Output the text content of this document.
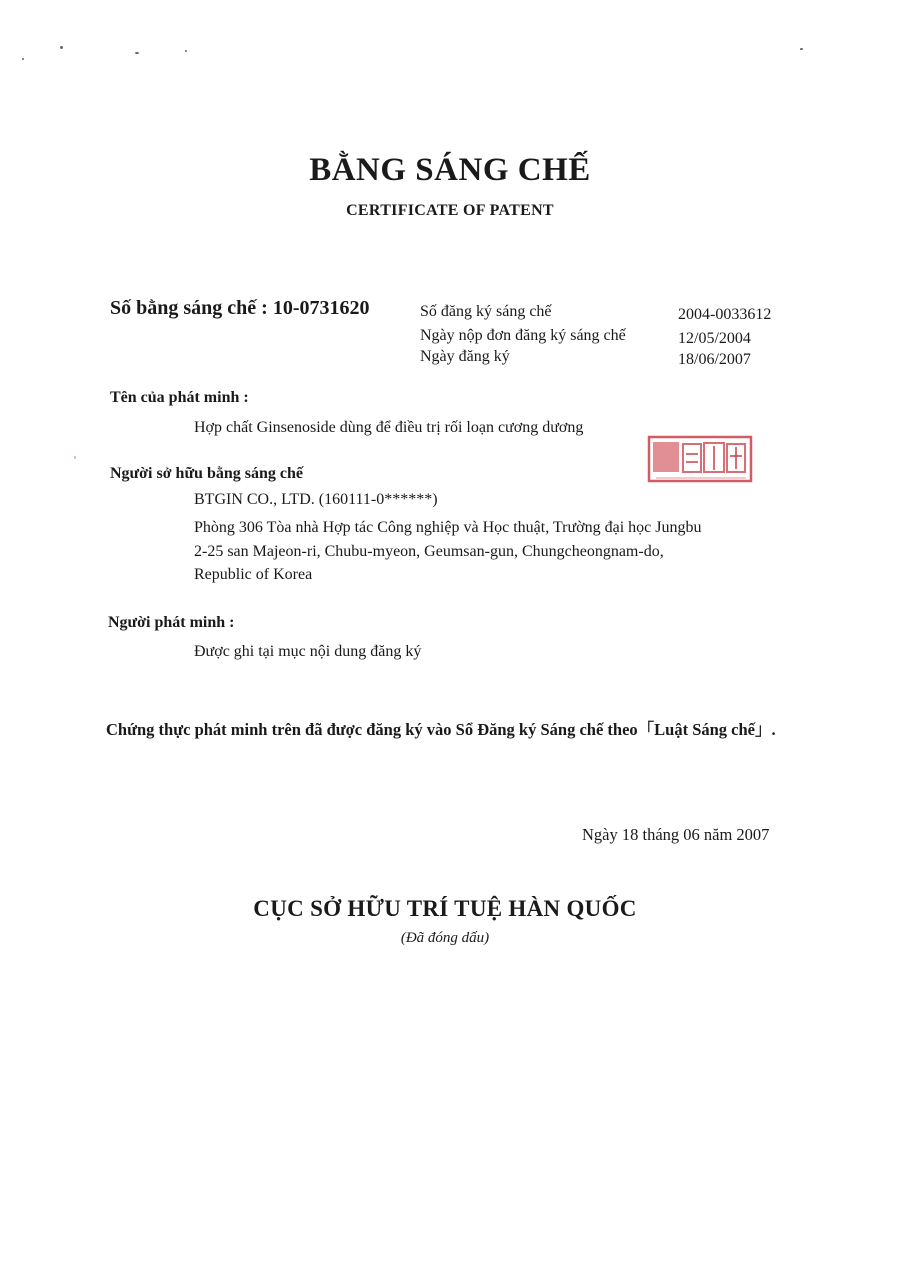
BẰNG SÁNG CHẾ
CERTIFICATE OF PATENT
Số bằng sáng chế : 10-0731620	Số đăng ký sáng chế	2004-0033612
Ngày nộp đơn đăng ký sáng chế	12/05/2004
Ngày đăng ký	18/06/2007
Tên của phát minh :
Hợp chất Ginsenoside dùng để điều trị rối loạn cương dương
Người sở hữu bằng sáng chế
BTGIN CO., LTD. (160111-0******)
Phòng 306 Tòa nhà Hợp tác Công nghiệp và Học thuật, Trường đại học Jungbu
2-25 san Majeon-ri, Chubu-myeon, Geumsan-gun, Chungcheongnam-do,
Republic of Korea
Người phát minh :
Được ghi tại mục nội dung đăng ký
Chứng thực phát minh trên đã được đăng ký vào Sổ Đăng ký Sáng chế theo「Luật Sáng chế」.
Ngày 18 tháng 06 năm 2007
CỤC SỞ HỮU TRÍ TUỆ HÀN QUỐC
(Đã đóng dấu)
